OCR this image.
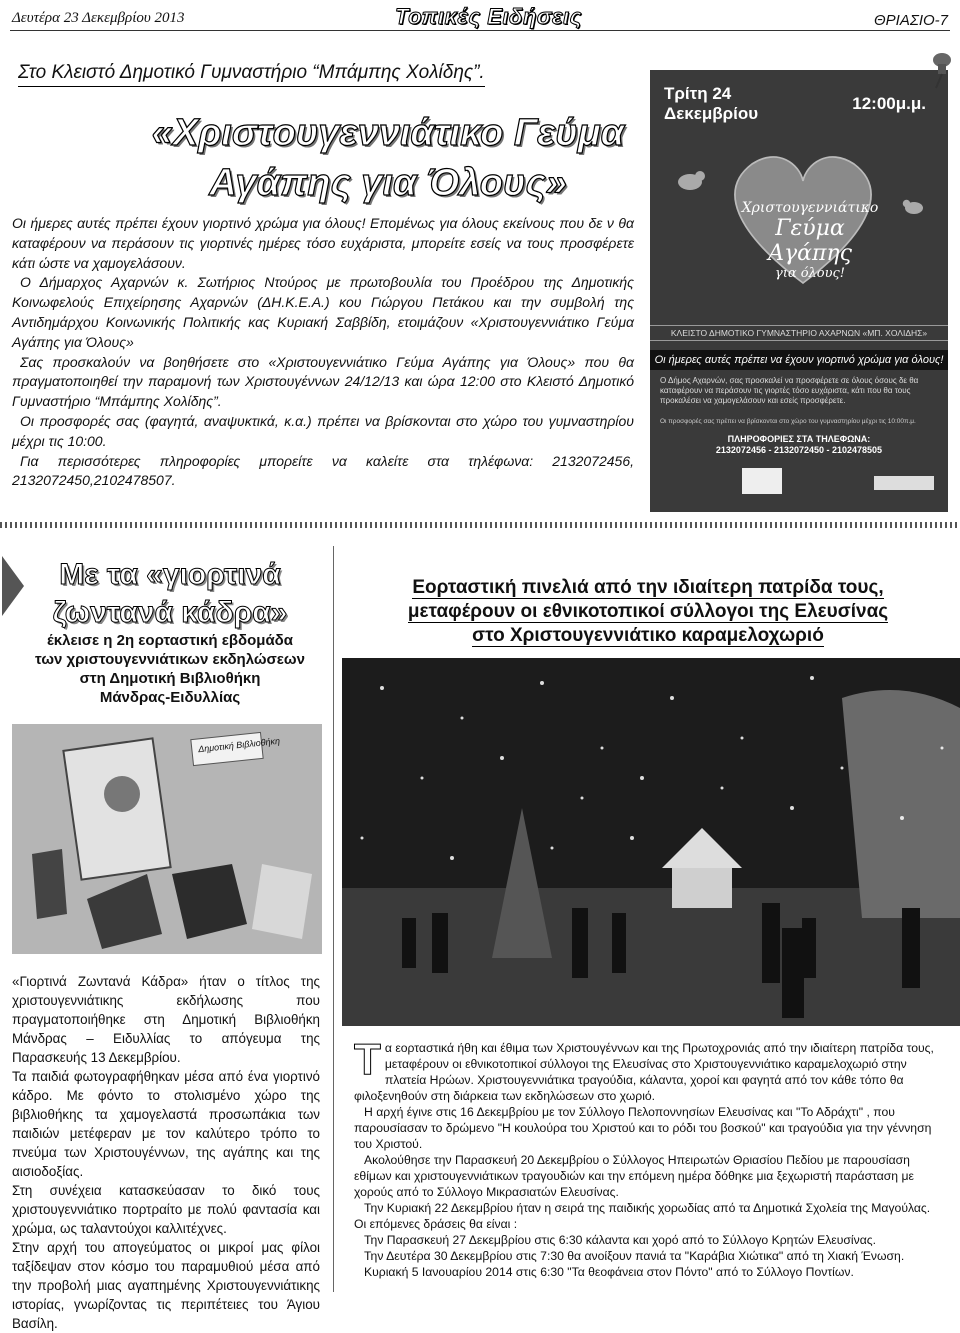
Δευτέρα 23 Δεκεμβρίου 2013	Τοπικές Ειδήσεις	ΘΡΙΑΣΙΟ-7
Στο Κλειστό Δημοτικό Γυμναστήριο “Μπάμπης Χολίδης”.
«Χριστουγεννιάτικο Γεύμα
Αγάπης για Όλους»

Οι ήμερες αυτές πρέπει έχουν γιορτινό χρώμα για όλους! Επομένως για όλους εκείνους που δε ν θα καταφέρουν να περάσουν τις γιορτινές ημέρες τόσο ευχάριστα, μπορείτε εσείς να τους προσφέρετε κάτι ώστε να χαμογελάσουν.

Ο Δήμαρχος Αχαρνών κ. Σωτήριος Ντούρος με πρωτοβουλία του Προέδρου της Δημοτικής Κοινωφελούς Επιχείρησης Αχαρνών (ΔΗ.Κ.Ε.Α.) κου Γιώργου Πετάκου και την συμβολή της Αντιδημάρχου Κοινωνικής Πολιτικής κας Κυριακή Σαββίδη, ετοιμάζουν «Χριστουγεννιάτικο Γεύμα Αγάπης για Όλους»

Σας προσκαλούν να βοηθήσετε στο «Χριστουγεννιάτικο Γεύμα Αγάπης για Όλους» που θα πραγματοποιηθεί την παραμονή των Χριστουγέννων 24/12/13 και ώρα 12:00 στο Κλειστό Δημοτικό Γυμναστήριο “Μπάμπης Χολίδης”.

Οι προσφορές σας (φαγητά, αναψυκτικά, κ.α.) πρέπει να βρίσκονται στο χώρο του γυμναστηρίου μέχρι τις 10:00.

Για περισσότερες πληροφορίες μπορείτε να καλείτε στα τηλέφωνα: 2132072456, 2132072450,2102478507.

Τρίτη 24
Δεκεμβρίου
12:00μ.μ.
Χριστουγεννιάτικο
Γεύμα Αγάπης
για όλους!
ΚΛΕΙΣΤΟ ΔΗΜΟΤΙΚΟ ΓΥΜΝΑΣΤΗΡΙΟ ΑΧΑΡΝΩΝ «ΜΠ. ΧΟΛΙΔΗΣ»
Οι ήμερες αυτές πρέπει να έχουν γιορτινό χρώμα για όλους!
Ο Δήμος Αχαρνών, σας προσκαλεί να προσφέρετε σε όλους όσους δε θα καταφέρουν να περάσουν τις γιορτές τόσο ευχάριστα, κάτι που θα τους προκαλέσει να χαμογελάσουν και εσείς προσφέρετε.
Οι προσφορές σας πρέπει να βρίσκονται στο χώρο του γυμναστηρίου μέχρι τις 10:00π.μ.
ΠΛΗΡΟΦΟΡΙΕΣ ΣΤΑ ΤΗΛΕΦΩΝΑ:
2132072456 - 2132072450 - 2102478505
Με τα «γιορτινά
ζωντανά κάδρα»
έκλεισε η 2η εορταστική εβδομάδα
των χριστουγεννιάτικων εκδηλώσεων
στη Δημοτική Βιβλιοθήκη
Μάνδρας-Ειδυλλίας
Δημοτική Βιβλιοθήκη

«Γιορτινά Ζωντανά Κάδρα» ήταν ο τίτλος της χριστουγεννιάτικης εκδήλωσης που πραγματοποιήθηκε στη Δημοτική Βιβλιοθήκη Μάνδρας – Ειδυλλίας το απόγευμα της Παρασκευής 13 Δεκεμβρίου.

Τα παιδιά φωτογραφήθηκαν μέσα από ένα γιορτινό κάδρο. Με φόντο το στολισμένο χώρο της βιβλιοθήκης τα χαμογελαστά προσωπάκια των παιδιών μετέφεραν με τον καλύτερο τρόπο το πνεύμα των Χριστουγέννων, της αγάπης και της αισιοδοξίας.

Στη συνέχεια κατασκεύασαν το δικό τους χριστουγεννιάτικο πορτραίτο με πολύ φαντασία και χρώμα, ως ταλαντούχοι καλλιτέχνες.

Στην αρχή του απογεύματος οι μικροί μας φίλοι ταξίδεψαν στον κόσμο του παραμυθιού μέσα από την προβολή μιας αγαπημένης Χριστουγεννιάτικης ιστορίας, γνωρίζοντας τις περιπέτειες του Άγιου Βασίλη.

Εορταστική πινελιά από την ιδιαίτερη πατρίδα τους,
μεταφέρουν οι εθνικοτοπικοί σύλλογοι της Ελευσίνας
στο Χριστουγεννιάτικο καραμελοχωριό

Τα εορταστικά ήθη και έθιμα των Χριστουγέννων και της Πρωτοχρονιάς από την ιδιαίτερη πατρίδα τους, μεταφέρουν οι εθνικοτοπικοί σύλλογοι της Ελευσίνας στο Χριστουγεννιάτικο καραμελοχωριό στην πλατεία Ηρώων. Χριστουγεννιάτικα τραγούδια, κάλαντα, χοροί και φαγητά από τον κάθε τόπο θα φιλοξενηθούν στη διάρκεια των εκδηλώσεων στο χωριό.

Η αρχή έγινε στις 16 Δεκεμβρίου με τον Σύλλογο Πελοποννησίων Ελευσίνας και "Το Αδράχτι" , που παρουσίασαν το δρώμενο "Η κουλούρα του Χριστού και το ρόδι του βοσκού" και τραγούδια για την γέννηση του Χριστού.

Ακολούθησε την Παρασκευή 20 Δεκεμβρίου ο Σύλλογος Ηπειρωτών Θριασίου Πεδίου με παρουσίαση εθίμων και χριστουγεννιάτικων τραγουδιών και την επόμενη ημέρα δόθηκε μια ξεχωριστή παράσταση με χορούς από το Σύλλογο Μικρασιατών Ελευσίνας.

Την Κυριακή 22 Δεκεμβρίου ήταν η σειρά της παιδικής χορωδίας από τα Δημοτικά Σχολεία της Μαγούλας. Οι επόμενες δράσεις θα είναι :

Την Παρασκευή 27 Δεκεμβρίου στις 6:30 κάλαντα και χορό από το Σύλλογο Κρητών Ελευσίνας.

Την Δευτέρα 30 Δεκεμβρίου στις 7:30 θα ανοίξουν πανιά τα "Καράβια Χιώτικα" από τη Χιακή Ένωση.

Κυριακή 5 Ιανουαρίου 2014 στις 6:30 "Τα θεοφάνεια στον Πόντο" από το Σύλλογο Ποντίων.
